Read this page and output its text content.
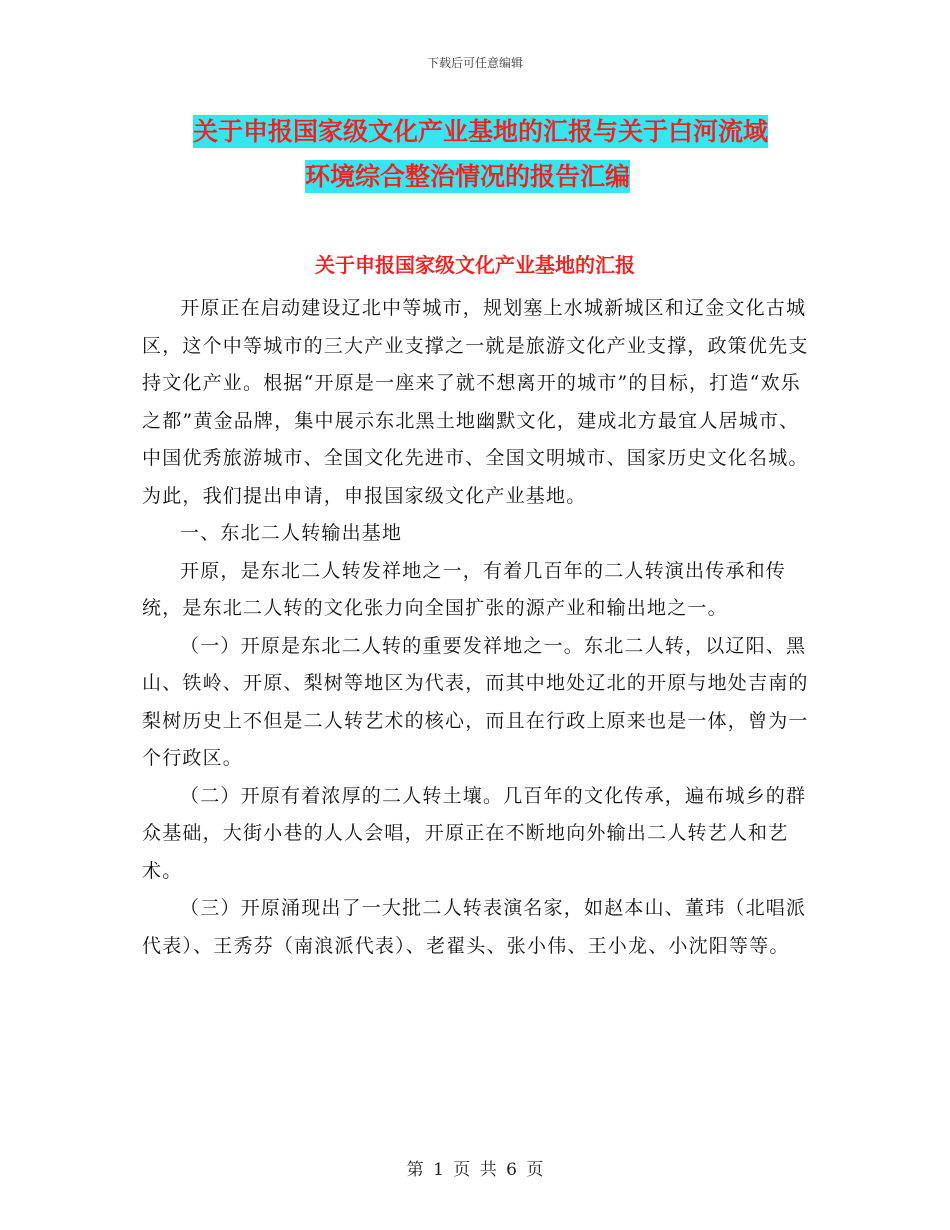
下载后可任意编辑
关于申报国家级文化产业基地的汇报与关于白河流域
环境综合整治情况的报告汇编
关于申报国家级文化产业基地的汇报

开原正在启动建设辽北中等城市，规划塞上水城新城区和辽金文化古城区，这个中等城市的三大产业支撑之一就是旅游文化产业支撑，政策优先支持文化产业。根据“开原是一座来了就不想离开的城市”的目标，打造“欢乐之都”黄金品牌，集中展示东北黑土地幽默文化，建成北方最宜人居城市、中国优秀旅游城市、全国文化先进市、全国文明城市、国家历史文化名城。为此，我们提出申请，申报国家级文化产业基地。

一、东北二人转输出基地

开原，是东北二人转发祥地之一，有着几百年的二人转演出传承和传统，是东北二人转的文化张力向全国扩张的源产业和输出地之一。

（一）开原是东北二人转的重要发祥地之一。东北二人转，以辽阳、黑山、铁岭、开原、梨树等地区为代表，而其中地处辽北的开原与地处吉南的梨树历史上不但是二人转艺术的核心，而且在行政上原来也是一体，曾为一个行政区。

（二）开原有着浓厚的二人转土壤。几百年的文化传承，遍布城乡的群众基础，大街小巷的人人会唱，开原正在不断地向外输出二人转艺人和艺术。

（三）开原涌现出了一大批二人转表演名家，如赵本山、董玮（北唱派代表）、王秀芬（南浪派代表）、老翟头、张小伟、王小龙、小沈阳等等。

第 1 页 共 6 页
